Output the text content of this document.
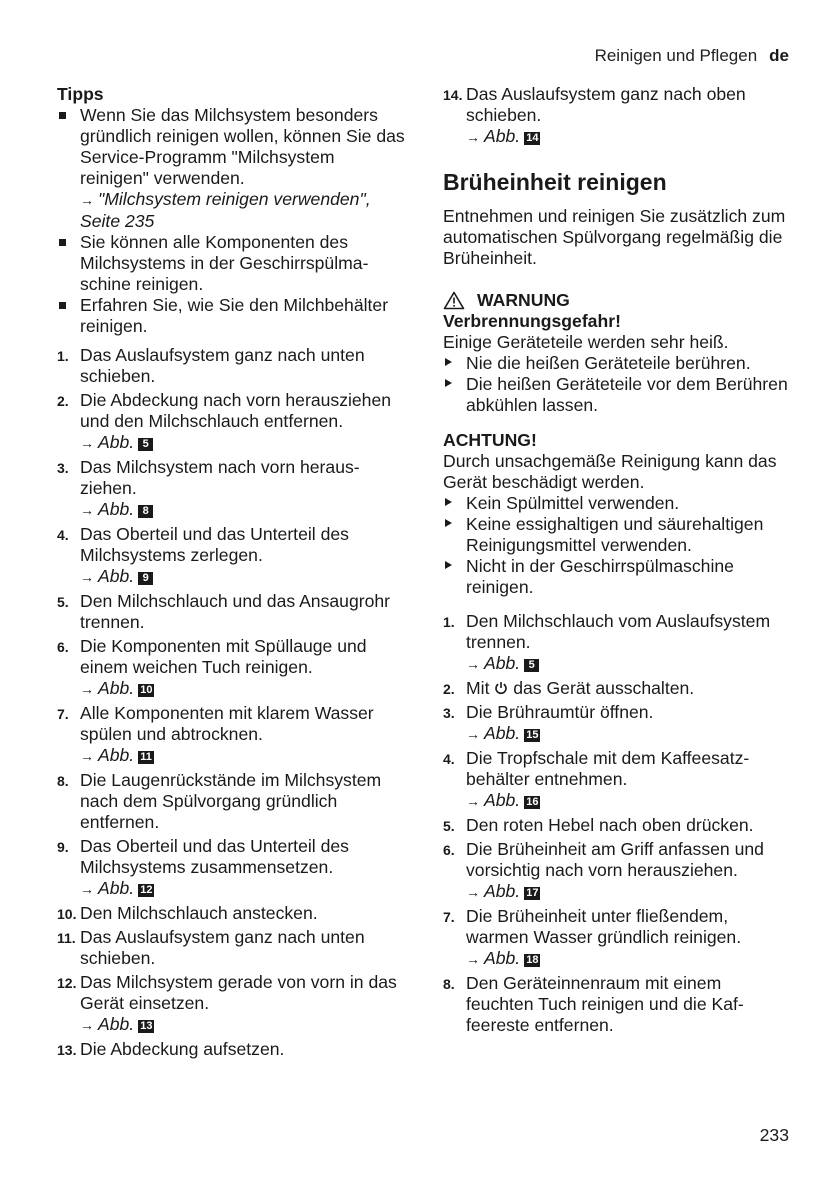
Reinigen und Pflegen de
Tipps
Wenn Sie das Milchsystem besonders gründlich reinigen wollen, können Sie das Service-Programm "Milchsystem reinigen" verwenden.
→ "Milchsystem reinigen verwenden", Seite 235
Sie können alle Komponenten des Milchsystems in der Geschirrspülmaschine reinigen.
Erfahren Sie, wie Sie den Milchbehälter reinigen.
1. Das Auslaufsystem ganz nach unten schieben.
2. Die Abdeckung nach vorn herausziehen und den Milchschlauch entfernen.
→ Abb. 5
3. Das Milchsystem nach vorn herausziehen.
→ Abb. 8
4. Das Oberteil und das Unterteil des Milchsystems zerlegen.
→ Abb. 9
5. Den Milchschlauch und das Ansaugrohr trennen.
6. Die Komponenten mit Spüllauge und einem weichen Tuch reinigen.
→ Abb. 10
7. Alle Komponenten mit klarem Wasser spülen und abtrocknen.
→ Abb. 11
8. Die Laugenrückstände im Milchsystem nach dem Spülvorgang gründlich entfernen.
9. Das Oberteil und das Unterteil des Milchsystems zusammensetzen.
→ Abb. 12
10. Den Milchschlauch anstecken.
11. Das Auslaufsystem ganz nach unten schieben.
12. Das Milchsystem gerade von vorn in das Gerät einsetzen.
→ Abb. 13
13. Die Abdeckung aufsetzen.
14. Das Auslaufsystem ganz nach oben schieben.
→ Abb. 14
Brüheinheit reinigen
Entnehmen und reinigen Sie zusätzlich zum automatischen Spülvorgang regelmäßig die Brüheinheit.
WARNUNG
Verbrennungsgefahr!
Einige Geräteteile werden sehr heiß.
Nie die heißen Geräteteile berühren.
Die heißen Geräteteile vor dem Berühren abkühlen lassen.
ACHTUNG!
Durch unsachgemäße Reinigung kann das Gerät beschädigt werden.
Kein Spülmittel verwenden.
Keine essighaltigen und säurehaltigen Reinigungsmittel verwenden.
Nicht in der Geschirrspülmaschine reinigen.
1. Den Milchschlauch vom Auslaufsystem trennen.
→ Abb. 5
2. Mit das Gerät ausschalten.
3. Die Brühraumtür öffnen.
→ Abb. 15
4. Die Tropfschale mit dem Kaffeesatzbehälter entnehmen.
→ Abb. 16
5. Den roten Hebel nach oben drücken.
6. Die Brüheinheit am Griff anfassen und vorsichtig nach vorn herausziehen.
→ Abb. 17
7. Die Brüheinheit unter fließendem, warmen Wasser gründlich reinigen.
→ Abb. 18
8. Den Geräteinnenraum mit einem feuchten Tuch reinigen und die Kaffeereste entfernen.
233
